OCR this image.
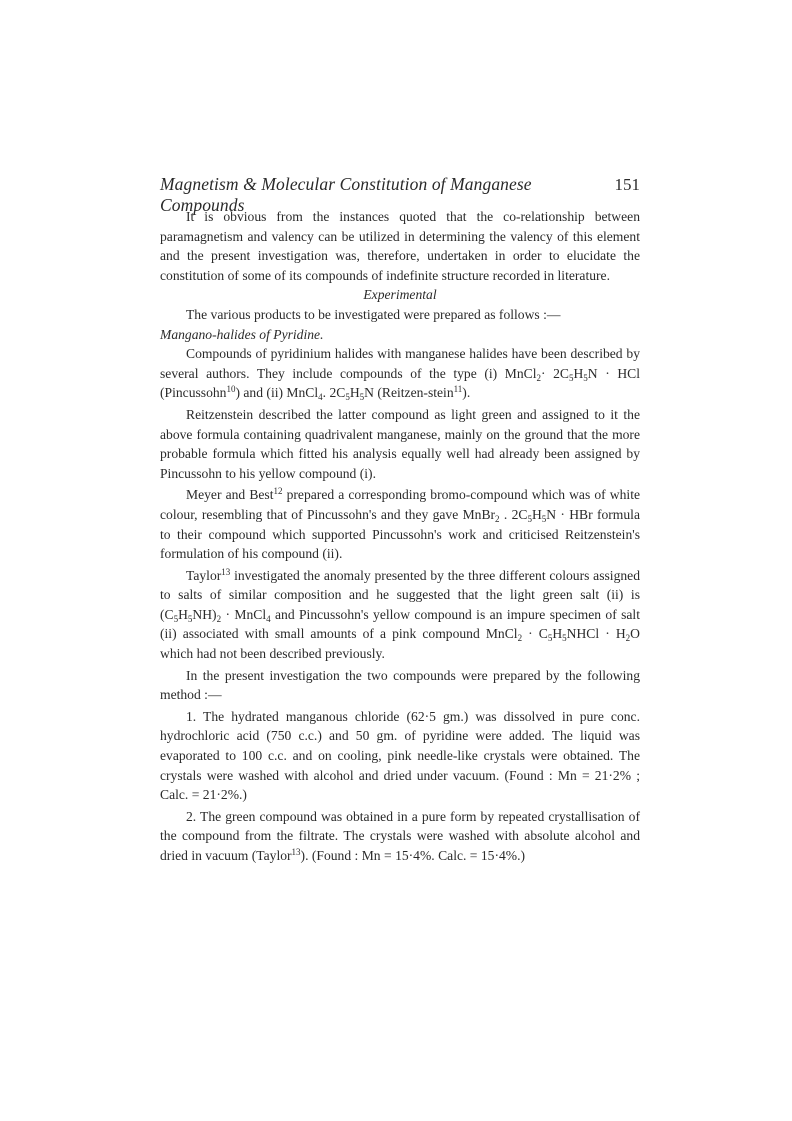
Magnetism & Molecular Constitution of Manganese Compounds
151

It is obvious from the instances quoted that the co-relationship between paramagnetism and valency can be utilized in determining the valency of this element and the present investigation was, therefore, undertaken in order to elucidate the constitution of some of its compounds of indefinite structure recorded in literature.

Experimental

The various products to be investigated were prepared as follows :—

Mangano-halides of Pyridine.

Compounds of pyridinium halides with manganese halides have been described by several authors. They include compounds of the type (i) MnCl$_2$· $2C_5H_5N$ · HCl (Pincussohn$^{10}$) and (ii) MnCl$_4$. $2C_5H_5N$ (Reitzen-stein$^{11}$).

Reitzenstein described the latter compound as light green and assigned to it the above formula containing quadrivalent manganese, mainly on the ground that the more probable formula which fitted his analysis equally well had already been assigned by Pincussohn to his yellow compound (i).

Meyer and Best$^{12}$ prepared a corresponding bromo-compound which was of white colour, resembling that of Pincussohn's and they gave MnBr$_2$ . $2C_5H_5N$ · HBr formula to their compound which supported Pincussohn's work and criticised Reitzenstein's formulation of his compound (ii).

Taylor$^{13}$ investigated the anomaly presented by the three different colours assigned to salts of similar composition and he suggested that the light green salt (ii) is $(C_5H_5NH)_2$ · MnCl$_4$ and Pincussohn's yellow compound is an impure specimen of salt (ii) associated with small amounts of a pink compound MnCl$_2$ · $C_5H_5NHCl \cdot H_2O$ which had not been described previously.

In the present investigation the two compounds were prepared by the following method :—

1. The hydrated manganous chloride (62·5 gm.) was dissolved in pure conc. hydrochloric acid (750 c.c.) and 50 gm. of pyridine were added. The liquid was evaporated to 100 c.c. and on cooling, pink needle-like crystals were obtained. The crystals were washed with alcohol and dried under vacuum. (Found : Mn = 21·2% ; Calc. = 21·2%.)

2. The green compound was obtained in a pure form by repeated crystallisation of the compound from the filtrate. The crystals were washed with absolute alcohol and dried in vacuum (Taylor$^{13}$). (Found : Mn = 15·4%. Calc. = 15·4%.)
